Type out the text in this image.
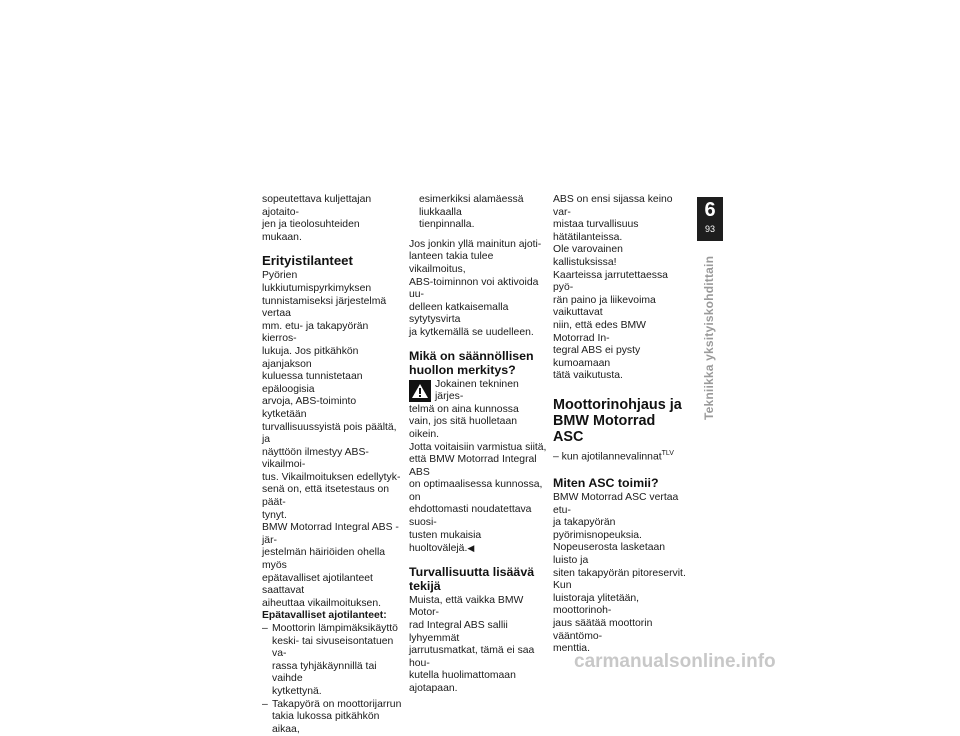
sopeutettava kuljettajan ajotaito-
jen ja tieolosuhteiden mukaan.

Erityistilanteet

Pyörien lukkiutumispyrkimyksen
tunnistamiseksi järjestelmä vertaa
mm. etu- ja takapyörän kierros-
lukuja. Jos pitkähkön ajanjakson
kuluessa tunnistetaan epäloogisia
arvoja, ABS-toiminto kytketään
turvallisuussyistä pois päältä, ja
näyttöön ilmestyy ABS-vikailmoi-
tus. Vikailmoituksen edellytyk-
senä on, että itsetestaus on päät-
tynyt.

BMW Motorrad Integral ABS -jär-
jestelmän häiriöiden ohella myös
epätavalliset ajotilanteet saattavat
aiheuttaa vikailmoituksen.

Epätavalliset ajotilanteet:

– Moottorin lämpimäksikäyttö
keski- tai sivuseisontatuen va-
rassa tyhjäkäynnillä tai vaihde
kytkettynä.
– Takapyörä on moottorijarrun
takia lukossa pitkähkön aikaa,

esimerkiksi alamäessä liukkaalla
tienpinnalla.

Jos jonkin yllä mainitun ajoti-
lanteen takia tulee vikailmoitus,
ABS-toiminnon voi aktivoida uu-
delleen katkaisemalla sytytysvirta
ja kytkemällä se uudelleen.

Mikä on säännöllisen
huollon merkitys?

Jokainen tekninen järjes-
telmä on aina kunnossa

vain, jos sitä huolletaan oikein.
Jotta voitaisiin varmistua siitä,
että BMW Motorrad Integral ABS
on optimaalisessa kunnossa, on
ehdottomasti noudatettava suosi-
tusten mukaisia huoltovälejä.◀

Turvallisuutta lisäävä
tekijä

Muista, että vaikka BMW Motor-
rad Integral ABS sallii lyhyemmät
jarrutusmatkat, tämä ei saa hou-
kutella huolimattomaan ajotapaan.

ABS on ensi sijassa keino var-
mistaa turvallisuus hätätilanteissa.
Ole varovainen kallistuksissa!
Kaarteissa jarrutettaessa pyö-
rän paino ja liikevoima vaikuttavat
niin, että edes BMW Motorrad In-
tegral ABS ei pysty kumoamaan
tätä vaikutusta.

Moottorinohjaus ja
BMW Motorrad ASC

– kun ajotilannevalinnat$^{TLV}$

Miten ASC toimii?

BMW Motorrad ASC vertaa etu-
ja takapyörän pyörimisnopeuksia.
Nopeuserosta lasketaan luisto ja
siten takapyörän pitoreservit. Kun
luistoraja ylitetään, moottorinoh-
jaus säätää moottorin vääntömo-
menttia.

6
93
Tekniikka yksityiskohdittain
carmanualsonline.info
